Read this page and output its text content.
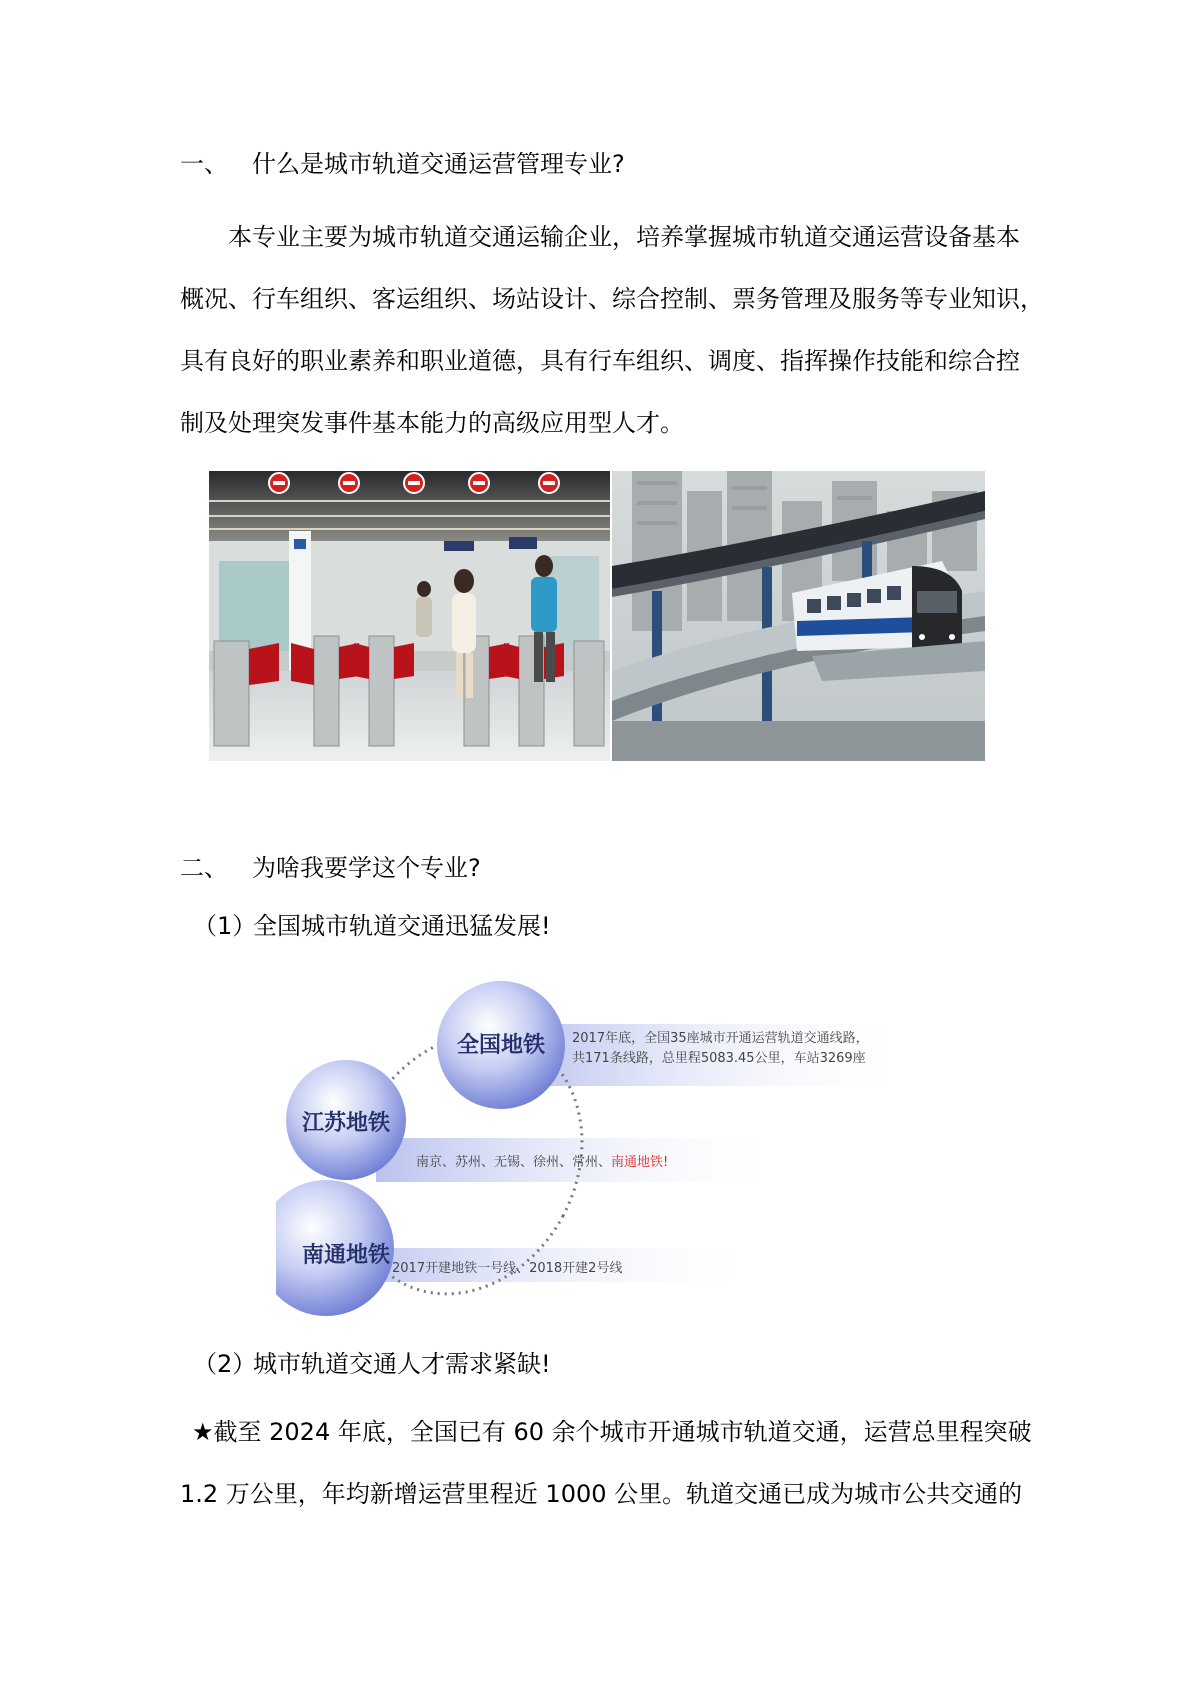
一、 什么是城市轨道交通运营管理专业?
本专业主要为城市轨道交通运输企业，培养掌握城市轨道交通运营设备基本
概况、行车组织、客运组织、场站设计、综合控制、票务管理及服务等专业知识，
具有良好的职业素养和职业道德，具有行车组织、调度、指挥操作技能和综合控
制及处理突发事件基本能力的高级应用型人才。
二、 为啥我要学这个专业?
（1）全国城市轨道交通迅猛发展!
全国地铁
江苏地铁
南通地铁
2017年底，全国35座城市开通运营轨道交通线路，
共171条线路，总里程5083.45公里，车站3269座
南京、苏州、无锡、徐州、常州、南通地铁!
2017开建地铁一号线、2018开建2号线
（2）城市轨道交通人才需求紧缺!
★截至 2024 年底，全国已有 60 余个城市开通城市轨道交通，运营总里程突破
1.2 万公里，年均新增运营里程近 1000 公里。轨道交通已成为城市公共交通的
